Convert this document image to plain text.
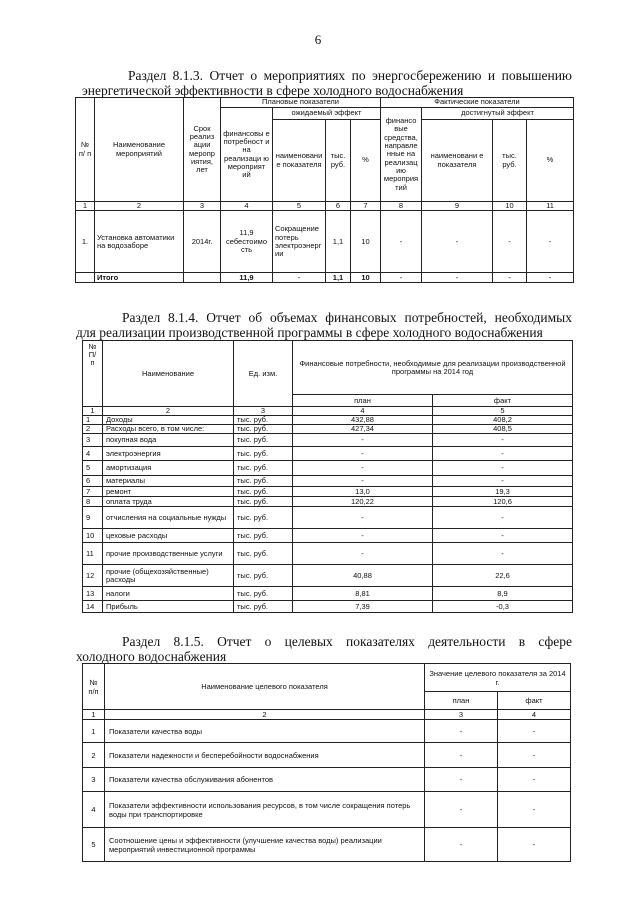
6
Раздел 8.1.3. Отчет о мероприятиях по энергосбережению и повышению
энергетической эффективности в сфере холодного водоснабжения
№ п/ п	Наименование мероприятий	Срок реализ ации меропр иятия, лет	Плановые показатели				Фактические показатели			
			финансовы е потребност и на реализаци ю мероприят ий	ожидаемый эффект			финансо вые средства, направле нные на реализац ию мероприя тий	достигнутый эффект		
				наименовани е показателя	тыс. руб.	%		наименовани е показателя	тыс. руб.	%
1	2	3	4	5	6	7	8	9	10	11
1.	Установка автоматики на водозаборе	2014г.	11,9 себестоимо сть	Сокращение потерь электроэнерг ии	1,1	10	-	-	-	-
	Итого		11,9	-	1,1	10	-	-	-	-
Раздел 8.1.4. Отчет об объемах финансовых потребностей, необходимых
для реализации производственной программы в сфере холодного водоснабжения
№ П/ п	Наименование	Ед. изм.	Финансовые потребности, необходимые для реализации производственной программы на 2014 год	
			план	факт
1	2	3	4	5
1	Доходы	тыс. руб.	432,88	408,2
2	Расходы всего, в том числе:	тыс. руб.	427,34	408,5
3	покупная вода	тыс. руб.	-	-
4	электроэнергия	тыс. руб.	-	-
5	амортизация	тыс. руб.	-	-
6	материалы	тыс. руб.	-	-
7	ремонт	тыс. руб.	13,0	19,3
8	оплата труда	тыс. руб.	120,22	120,6
9	отчисления на социальные нужды	тыс. руб.	-	-
10	цеховые расходы	тыс. руб.	-	-
11	прочие производственные услуги	тыс. руб.	-	-
12	прочие (общехозяйственные) расходы	тыс. руб.	40,88	22,6
13	налоги	тыс. руб.	8,81	8,9
14	Прибыль	тыс. руб.	7,39	-0,3
Раздел 8.1.5. Отчет о целевых показателях деятельности в сфере
холодного водоснабжения
№ п/п	Наименование целевого показателя	Значение целевого показателя за 2014 г.	
		план	факт
1	2	3	4
1	Показатели качества воды	-	-
2	Показатели надежности и бесперебойности водоснабжения	-	-
3	Показатели качества обслуживания абонентов	-	-
4	Показатели эффективности использования ресурсов, в том числе сокращения потерь воды при транспортировке	-	-
5	Соотношение цены и эффективности (улучшение качества воды) реализации мероприятий инвестиционной программы	-	-
